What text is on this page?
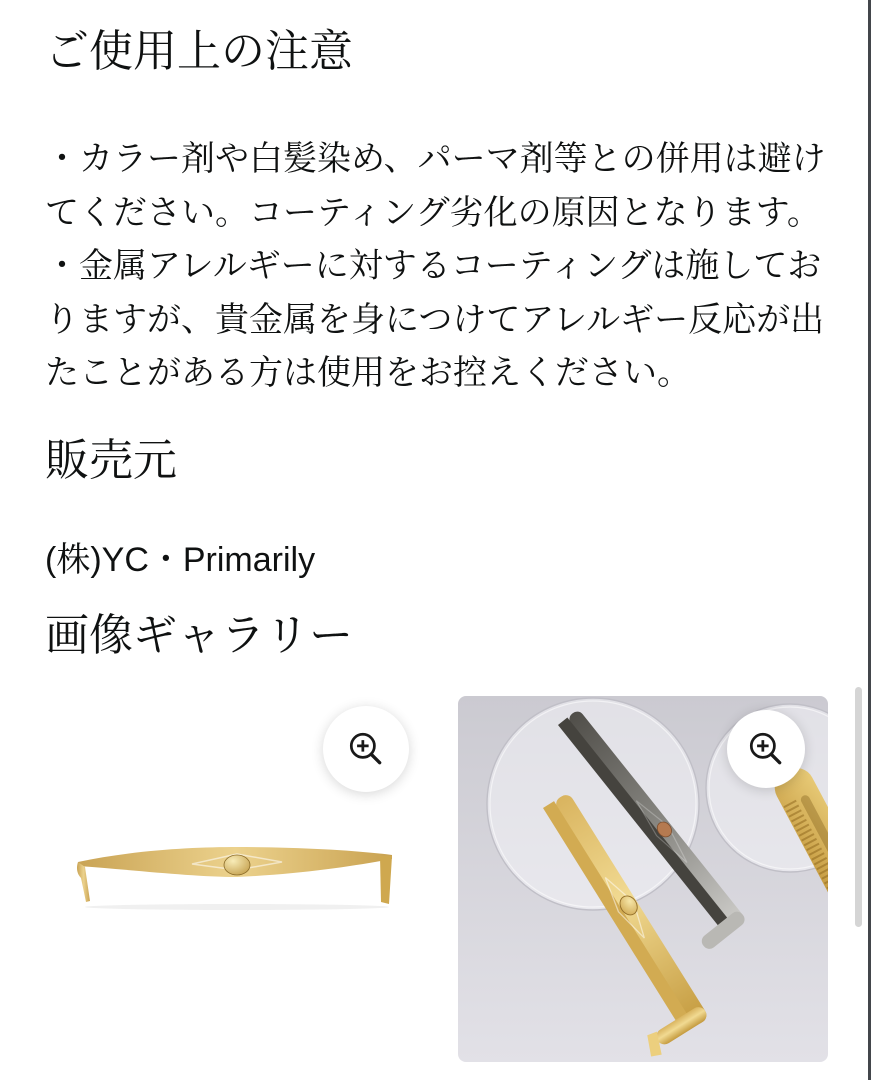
ご使用上の注意
・カラー剤や白髪染め、パーマ剤等との併用は避け
てください。コーティング劣化の原因となります。
・金属アレルギーに対するコーティングは施してお
りますが、貴金属を身につけてアレルギー反応が出
たことがある方は使用をお控えください。
販売元
(株)YC・Primarily
画像ギャラリー
